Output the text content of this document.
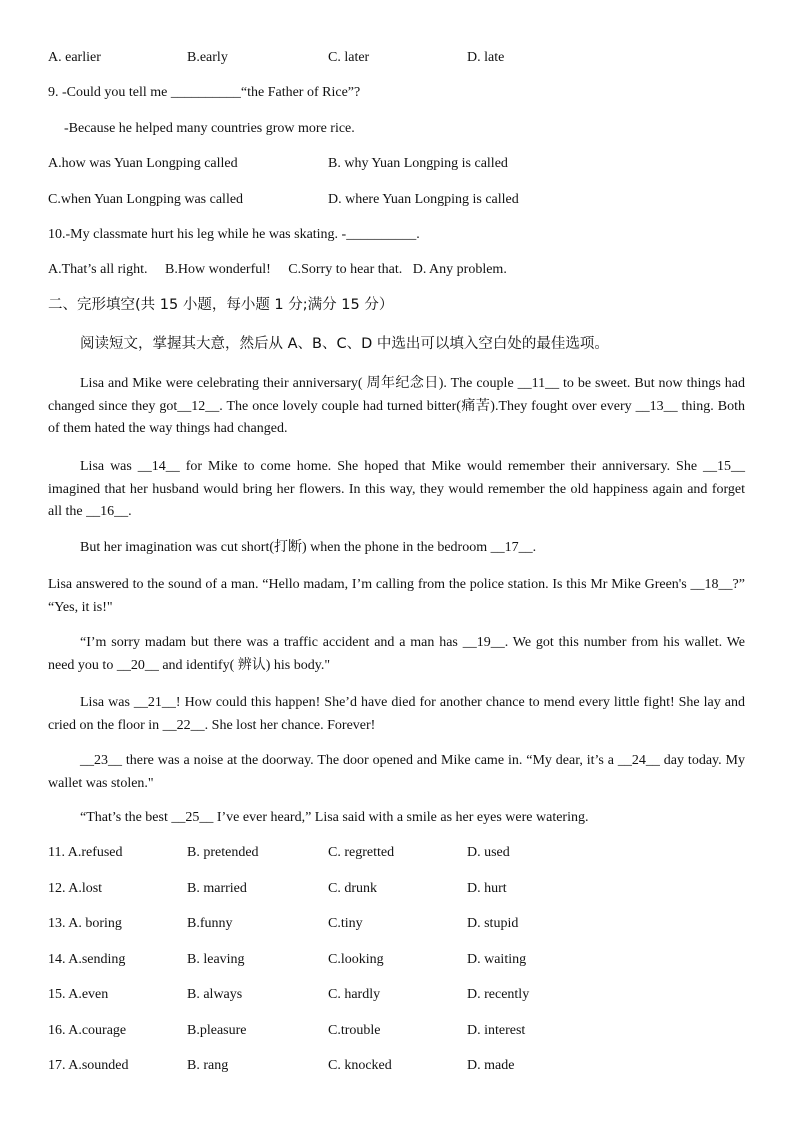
A. earlier	B.early	C. later	D. late
9. -Could you tell me __________“the Father of Rice”?
-Because he helped many countries grow more rice.
A.how was Yuan Longping called	B. why Yuan Longping is called
C.when Yuan Longping was called	D. where Yuan Longping is called
10.-My classmate hurt his leg while he was skating. -__________.
A.That’s all right.     B.How wonderful!     C.Sorry to hear that.   D. Any problem.
二、完形填空(共 15 小题，每小题 1 分;满分 15 分）
阅读短文，掌握其大意，然后从 A、B、C、D 中选出可以填入空白处的最佳选项。
Lisa and Mike were celebrating their anniversary( 周年纪念日). The couple __11__ to be sweet. But now things had changed since they got__12__. The once lovely couple had turned bitter(痛苦).They fought over every __13__ thing. Both of them hated the way things had changed.
Lisa was __14__ for Mike to come home. She hoped that Mike would remember their anniversary. She __15__ imagined that her husband would bring her flowers. In this way, they would remember the old happiness again and forget all the __16__.
But her imagination was cut short(打断) when the phone in the bedroom __17__.
Lisa answered to the sound of a man. “Hello madam, I’m calling from the police station. Is this Mr Mike Green's __18__?” “Yes, it is!"
“I’m sorry madam but there was a traffic accident and a man has __19__. We got this number from his wallet. We need you to __20__ and identify( 辨认) his body."
Lisa was __21__! How could this happen! She’d have died for another chance to mend every little fight! She lay and cried on the floor in __22__. She lost her chance. Forever!
__23__ there was a noise at the doorway. The door opened and Mike came in. “My dear, it’s a __24__ day today. My wallet was stolen."
“That’s the best __25__ I’ve ever heard,” Lisa said with a smile as her eyes were watering.
11. A.refused	B. pretended	C. regretted	D. used
12. A.lost	B. married	C. drunk	D. hurt
13. A. boring	B.funny	C.tiny	D. stupid
14. A.sending	B. leaving	C.looking	D. waiting
15. A.even	B. always	C. hardly	D. recently
16. A.courage	B.pleasure	C.trouble	D. interest
17. A.sounded	B. rang	C. knocked	D. made
